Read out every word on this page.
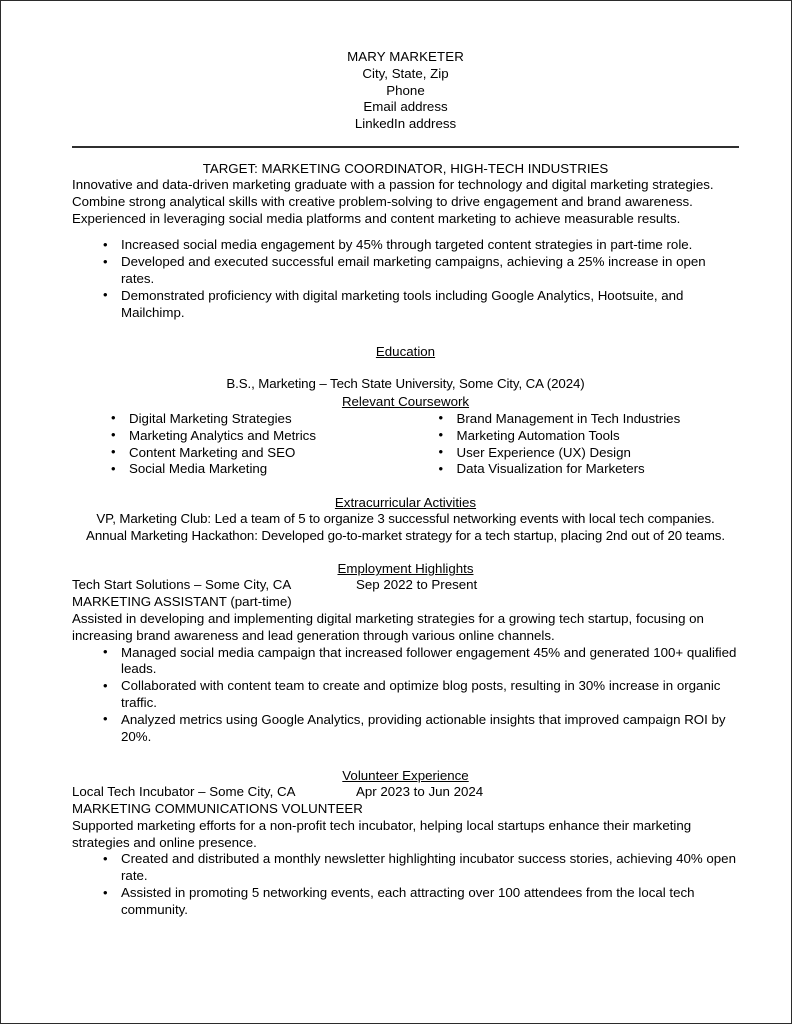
MARY MARKETER
City, State, Zip
Phone
Email address
LinkedIn address
TARGET: MARKETING COORDINATOR, HIGH-TECH INDUSTRIES
Innovative and data-driven marketing graduate with a passion for technology and digital marketing strategies. Combine strong analytical skills with creative problem-solving to drive engagement and brand awareness. Experienced in leveraging social media platforms and content marketing to achieve measurable results.
• Increased social media engagement by 45% through targeted content strategies in part-time role.
• Developed and executed successful email marketing campaigns, achieving a 25% increase in open rates.
• Demonstrated proficiency with digital marketing tools including Google Analytics, Hootsuite, and Mailchimp.
Education
B.S., Marketing – Tech State University, Some City, CA (2024)
Relevant Coursework
• Digital Marketing Strategies
• Marketing Analytics and Metrics
• Content Marketing and SEO
• Social Media Marketing
• Brand Management in Tech Industries
• Marketing Automation Tools
• User Experience (UX) Design
• Data Visualization for Marketers
Extracurricular Activities
VP, Marketing Club: Led a team of 5 to organize 3 successful networking events with local tech companies.
Annual Marketing Hackathon: Developed go-to-market strategy for a tech startup, placing 2nd out of 20 teams.
Employment Highlights
Tech Start Solutions – Some City, CA	Sep 2022 to Present
MARKETING ASSISTANT (part-time)
Assisted in developing and implementing digital marketing strategies for a growing tech startup, focusing on increasing brand awareness and lead generation through various online channels.
• Managed social media campaign that increased follower engagement 45% and generated 100+ qualified leads.
• Collaborated with content team to create and optimize blog posts, resulting in 30% increase in organic traffic.
• Analyzed metrics using Google Analytics, providing actionable insights that improved campaign ROI by 20%.
Volunteer Experience
Local Tech Incubator – Some City, CA	Apr 2023 to Jun 2024
MARKETING COMMUNICATIONS VOLUNTEER
Supported marketing efforts for a non-profit tech incubator, helping local startups enhance their marketing strategies and online presence.
• Created and distributed a monthly newsletter highlighting incubator success stories, achieving 40% open rate.
• Assisted in promoting 5 networking events, each attracting over 100 attendees from the local tech community.
